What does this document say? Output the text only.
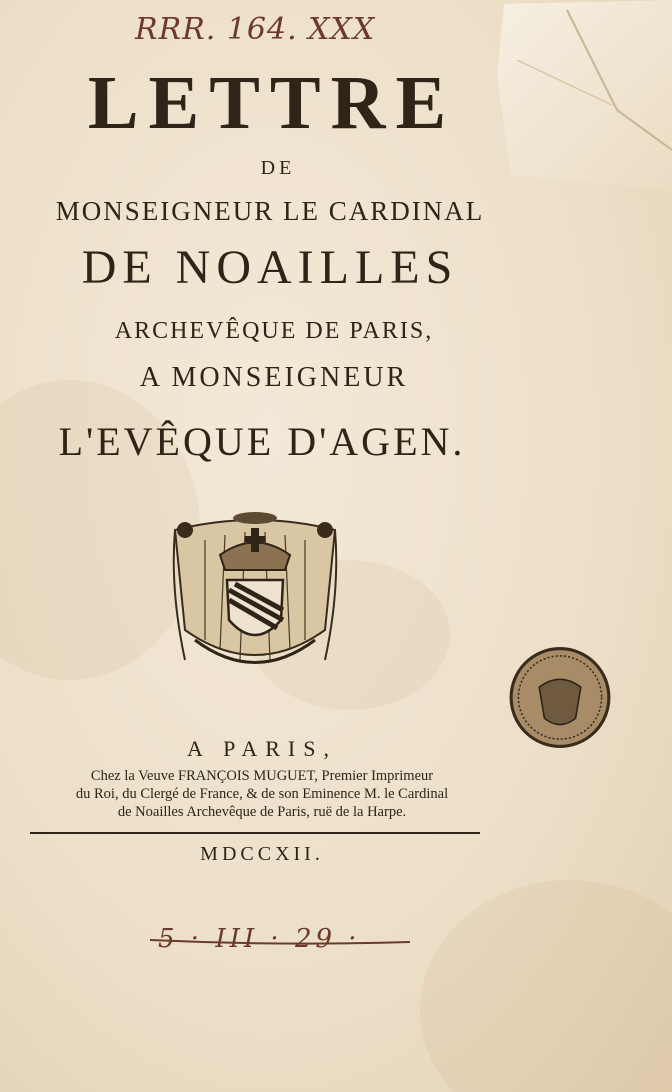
RRR. 164. XXX
LETTRE
DE
MONSEIGNEUR LE CARDINAL
DE NOAILLES
ARCHEVÊQUE DE PARIS,
A MONSEIGNEUR
L'EVÊQUE D'AGEN.
A PARIS,
Chez la Veuve FRANÇOIS MUGUET, Premier Imprimeur
du Roi, du Clergé de France, & de son Eminence M. le Cardinal
de Noailles Archevêque de Paris, ruë de la Harpe.
MDCCXII.
5 · III · 29 ·
